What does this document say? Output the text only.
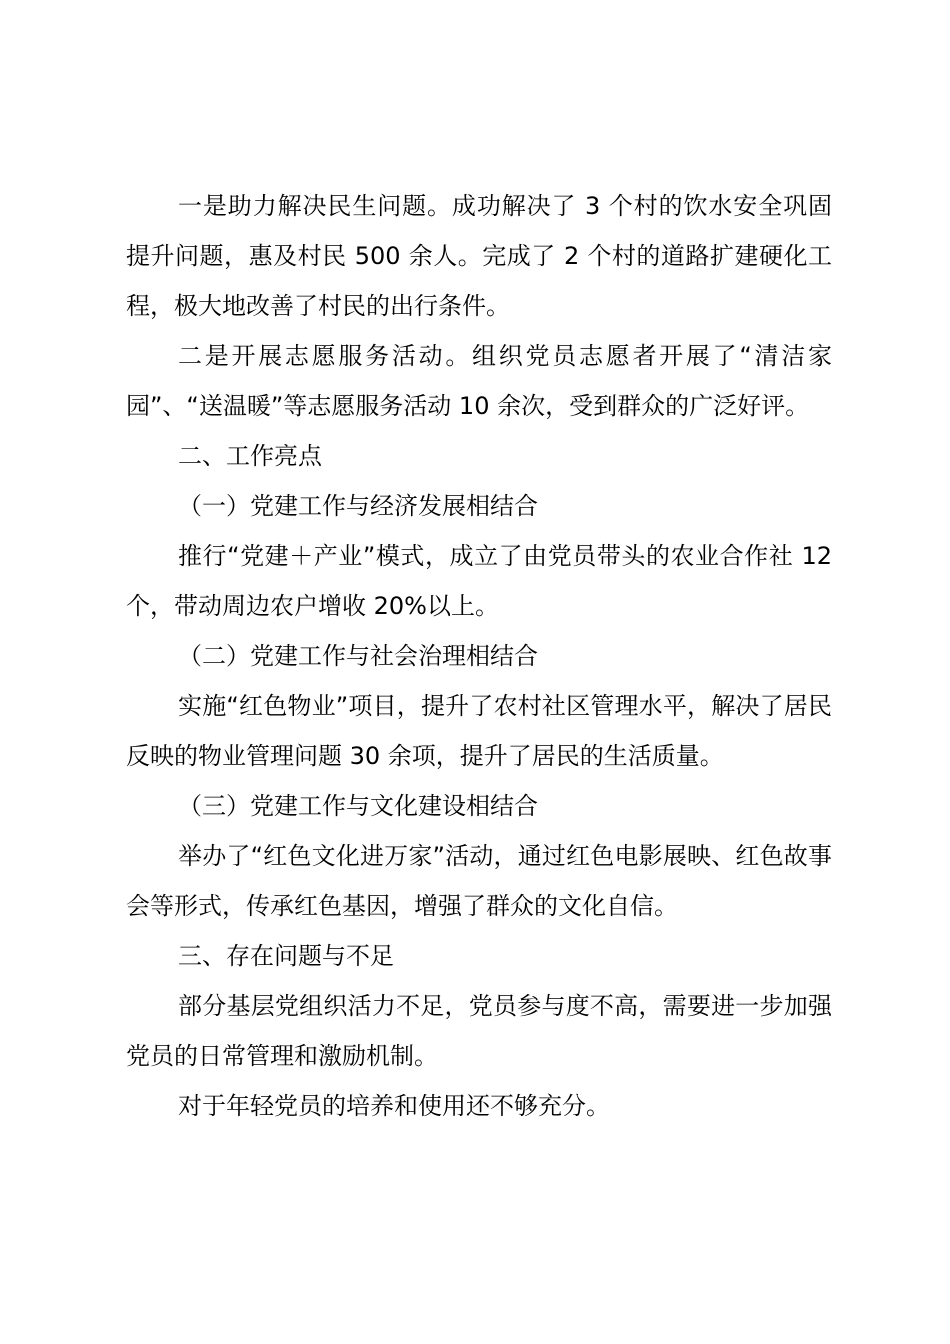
一是助力解决民生问题。成功解决了 3 个村的饮水安全巩固提升问题，惠及村民 500 余人。完成了 2 个村的道路扩建硬化工程，极大地改善了村民的出行条件。

二是开展志愿服务活动。组织党员志愿者开展了“清洁家园”、“送温暖”等志愿服务活动 10 余次，受到群众的广泛好评。

二、工作亮点

（一）党建工作与经济发展相结合

推行“党建＋产业”模式，成立了由党员带头的农业合作社 12 个，带动周边农户增收 20%以上。

（二）党建工作与社会治理相结合

实施“红色物业”项目，提升了农村社区管理水平，解决了居民反映的物业管理问题 30 余项，提升了居民的生活质量。

（三）党建工作与文化建设相结合

举办了“红色文化进万家”活动，通过红色电影展映、红色故事会等形式，传承红色基因，增强了群众的文化自信。

三、存在问题与不足

部分基层党组织活力不足，党员参与度不高，需要进一步加强党员的日常管理和激励机制。

对于年轻党员的培养和使用还不够充分。
